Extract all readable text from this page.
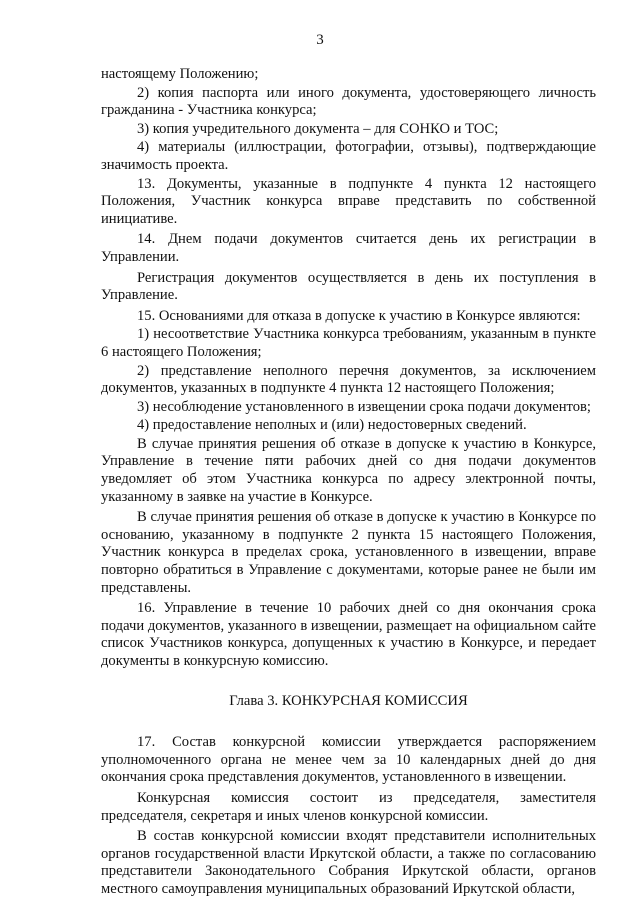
3

настоящему Положению;

2) копия паспорта или иного документа, удостоверяющего личность гражданина - Участника конкурса;

3) копия учредительного документа – для СОНКО и ТОС;

4) материалы (иллюстрации, фотографии, отзывы), подтверждающие значимость проекта.

13. Документы, указанные в подпункте 4 пункта 12 настоящего Положения, Участник конкурса вправе представить по собственной инициативе.

14. Днем подачи документов считается день их регистрации в Управлении.

Регистрация документов осуществляется в день их поступления в Управление.

15. Основаниями для отказа в допуске к участию в Конкурсе являются:

1) несоответствие Участника конкурса требованиям, указанным в пункте 6 настоящего Положения;

2) представление неполного перечня документов, за исключением документов, указанных в подпункте 4 пункта 12 настоящего Положения;

3) несоблюдение установленного в извещении срока подачи документов;

4) предоставление неполных и (или) недостоверных сведений.

В случае принятия решения об отказе в допуске к участию в Конкурсе, Управление в течение пяти рабочих дней со дня подачи документов уведомляет об этом Участника конкурса по адресу электронной почты, указанному в заявке на участие в Конкурсе.

В случае принятия решения об отказе в допуске к участию в Конкурсе по основанию, указанному в подпункте 2 пункта 15 настоящего Положения, Участник конкурса в пределах срока, установленного в извещении, вправе повторно обратиться в Управление с документами, которые ранее не были им представлены.

16. Управление в течение 10 рабочих дней со дня окончания срока подачи документов, указанного в извещении, размещает на официальном сайте список Участников конкурса, допущенных к участию в Конкурсе, и передает документы в конкурсную комиссию.

Глава 3. КОНКУРСНАЯ КОМИССИЯ

17. Состав конкурсной комиссии утверждается распоряжением уполномоченного органа не менее чем за 10 календарных дней до дня окончания срока представления документов, установленного в извещении.

Конкурсная комиссия состоит из председателя, заместителя председателя, секретаря и иных членов конкурсной комиссии.

В состав конкурсной комиссии входят представители исполнительных органов государственной власти Иркутской области, а также по согласованию представители Законодательного Собрания Иркутской области, органов местного самоуправления муниципальных образований Иркутской области,
